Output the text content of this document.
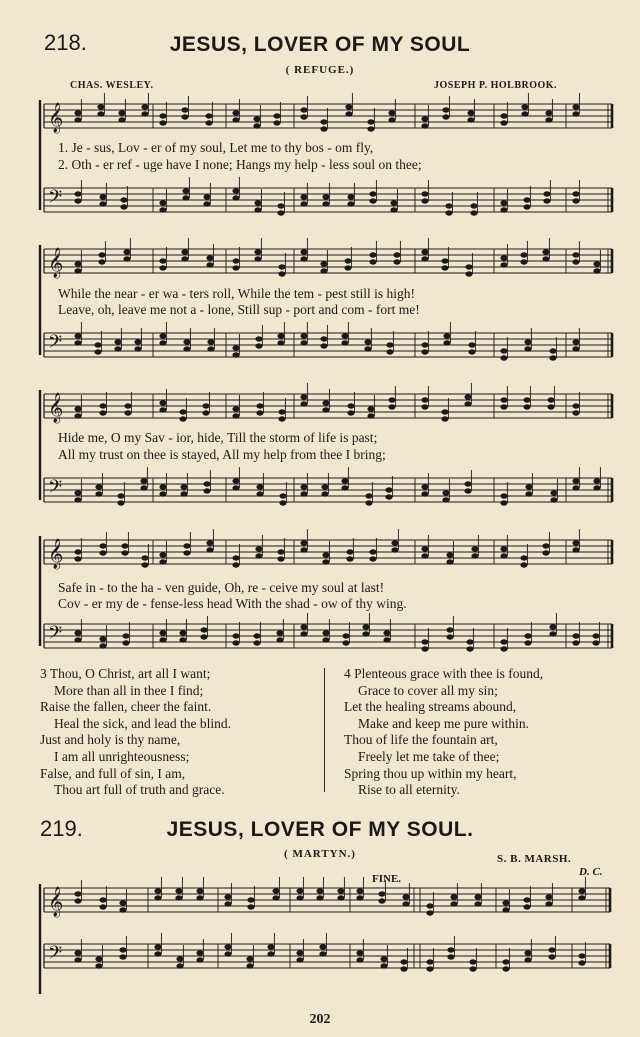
218.	JESUS, LOVER OF MY SOUL
( REFUGE.)
CHAS. WESLEY.	JOSEPH P. HOLBROOK.
𝄞
𝄢
𝄞
𝄢
𝄞
𝄢
𝄞
𝄢
𝄞
𝄢
1. Je - sus, Lov - er of my soul, Let me to thy bos - om fly,
2. Oth - er ref - uge have I none; Hangs my help - less soul on thee;
While the near - er wa - ters roll, While the tem - pest still is high!
Leave, oh, leave me not a - lone, Still sup - port and com - fort me!
Hide me, O my Sav - ior, hide, Till the storm of life is past;
All my trust on thee is stayed, All my help from thee I bring;
Safe in - to the ha - ven guide, Oh, re - ceive my soul at last!
Cov - er my de - fense-less head With the shad - ow of thy wing.
3 Thou, O Christ, art all I want;
More than all in thee I find;
Raise the fallen, cheer the faint.
Heal the sick, and lead the blind.
Just and holy is thy name,
I am all unrighteousness;
False, and full of sin, I am,
Thou art full of truth and grace.
4 Plenteous grace with thee is found,
Grace to cover all my sin;
Let the healing streams abound,
Make and keep me pure within.
Thou of life the fountain art,
Freely let me take of thee;
Spring thou up within my heart,
Rise to all eternity.
219.	JESUS, LOVER OF MY SOUL.
( MARTYN.)	S. B. MARSH.
FINE.
D. C.
202
